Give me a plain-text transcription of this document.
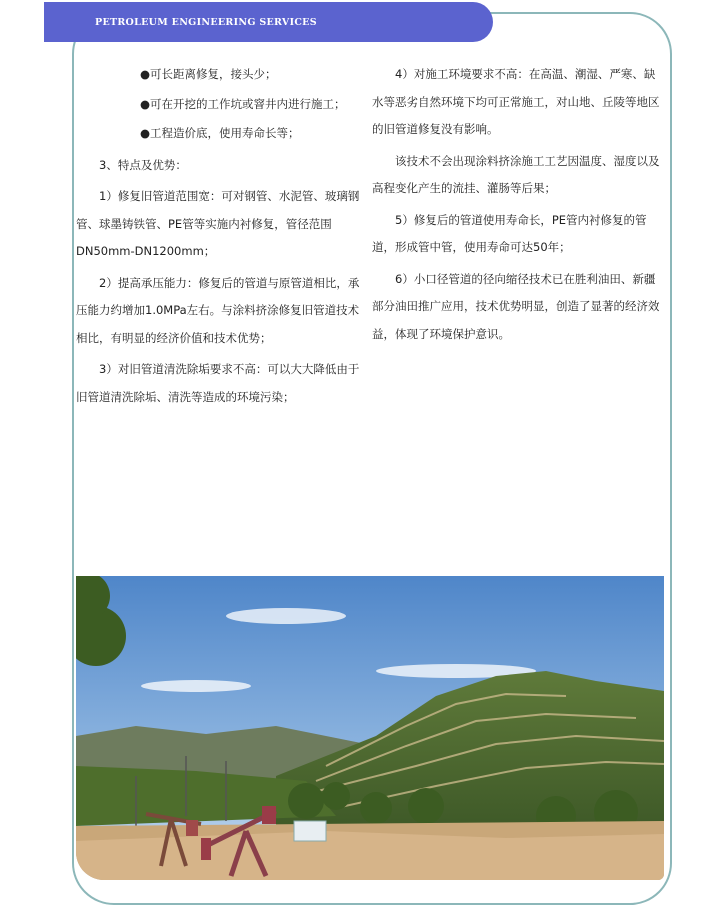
PETROLEUM ENGINEERING SERVICES

●可长距离修复，接头少；

●可在开挖的工作坑或窨井内进行施工；

●工程造价底，使用寿命长等；

3、特点及优势：

1）修复旧管道范围宽：可对钢管、水泥管、玻璃钢管、球墨铸铁管、PE管等实施内衬修复，管径范围DN50mm-DN1200mm；

2）提高承压能力：修复后的管道与原管道相比，承压能力约增加1.0MPa左右。与涂料挤涂修复旧管道技术相比，有明显的经济价值和技术优势；

3）对旧管道清洗除垢要求不高：可以大大降低由于旧管道清洗除垢、清洗等造成的环境污染；

4）对施工环境要求不高：在高温、潮湿、严寒、缺水等恶劣自然环境下均可正常施工，对山地、丘陵等地区的旧管道修复没有影响。

该技术不会出现涂料挤涂施工工艺因温度、湿度以及高程变化产生的流挂、灌肠等后果；

5）修复后的管道使用寿命长，PE管内衬修复的管道，形成管中管，使用寿命可达50年；

6）小口径管道的径向缩径技术已在胜利油田、新疆部分油田推广应用，技术优势明显，创造了显著的经济效益，体现了环境保护意识。
